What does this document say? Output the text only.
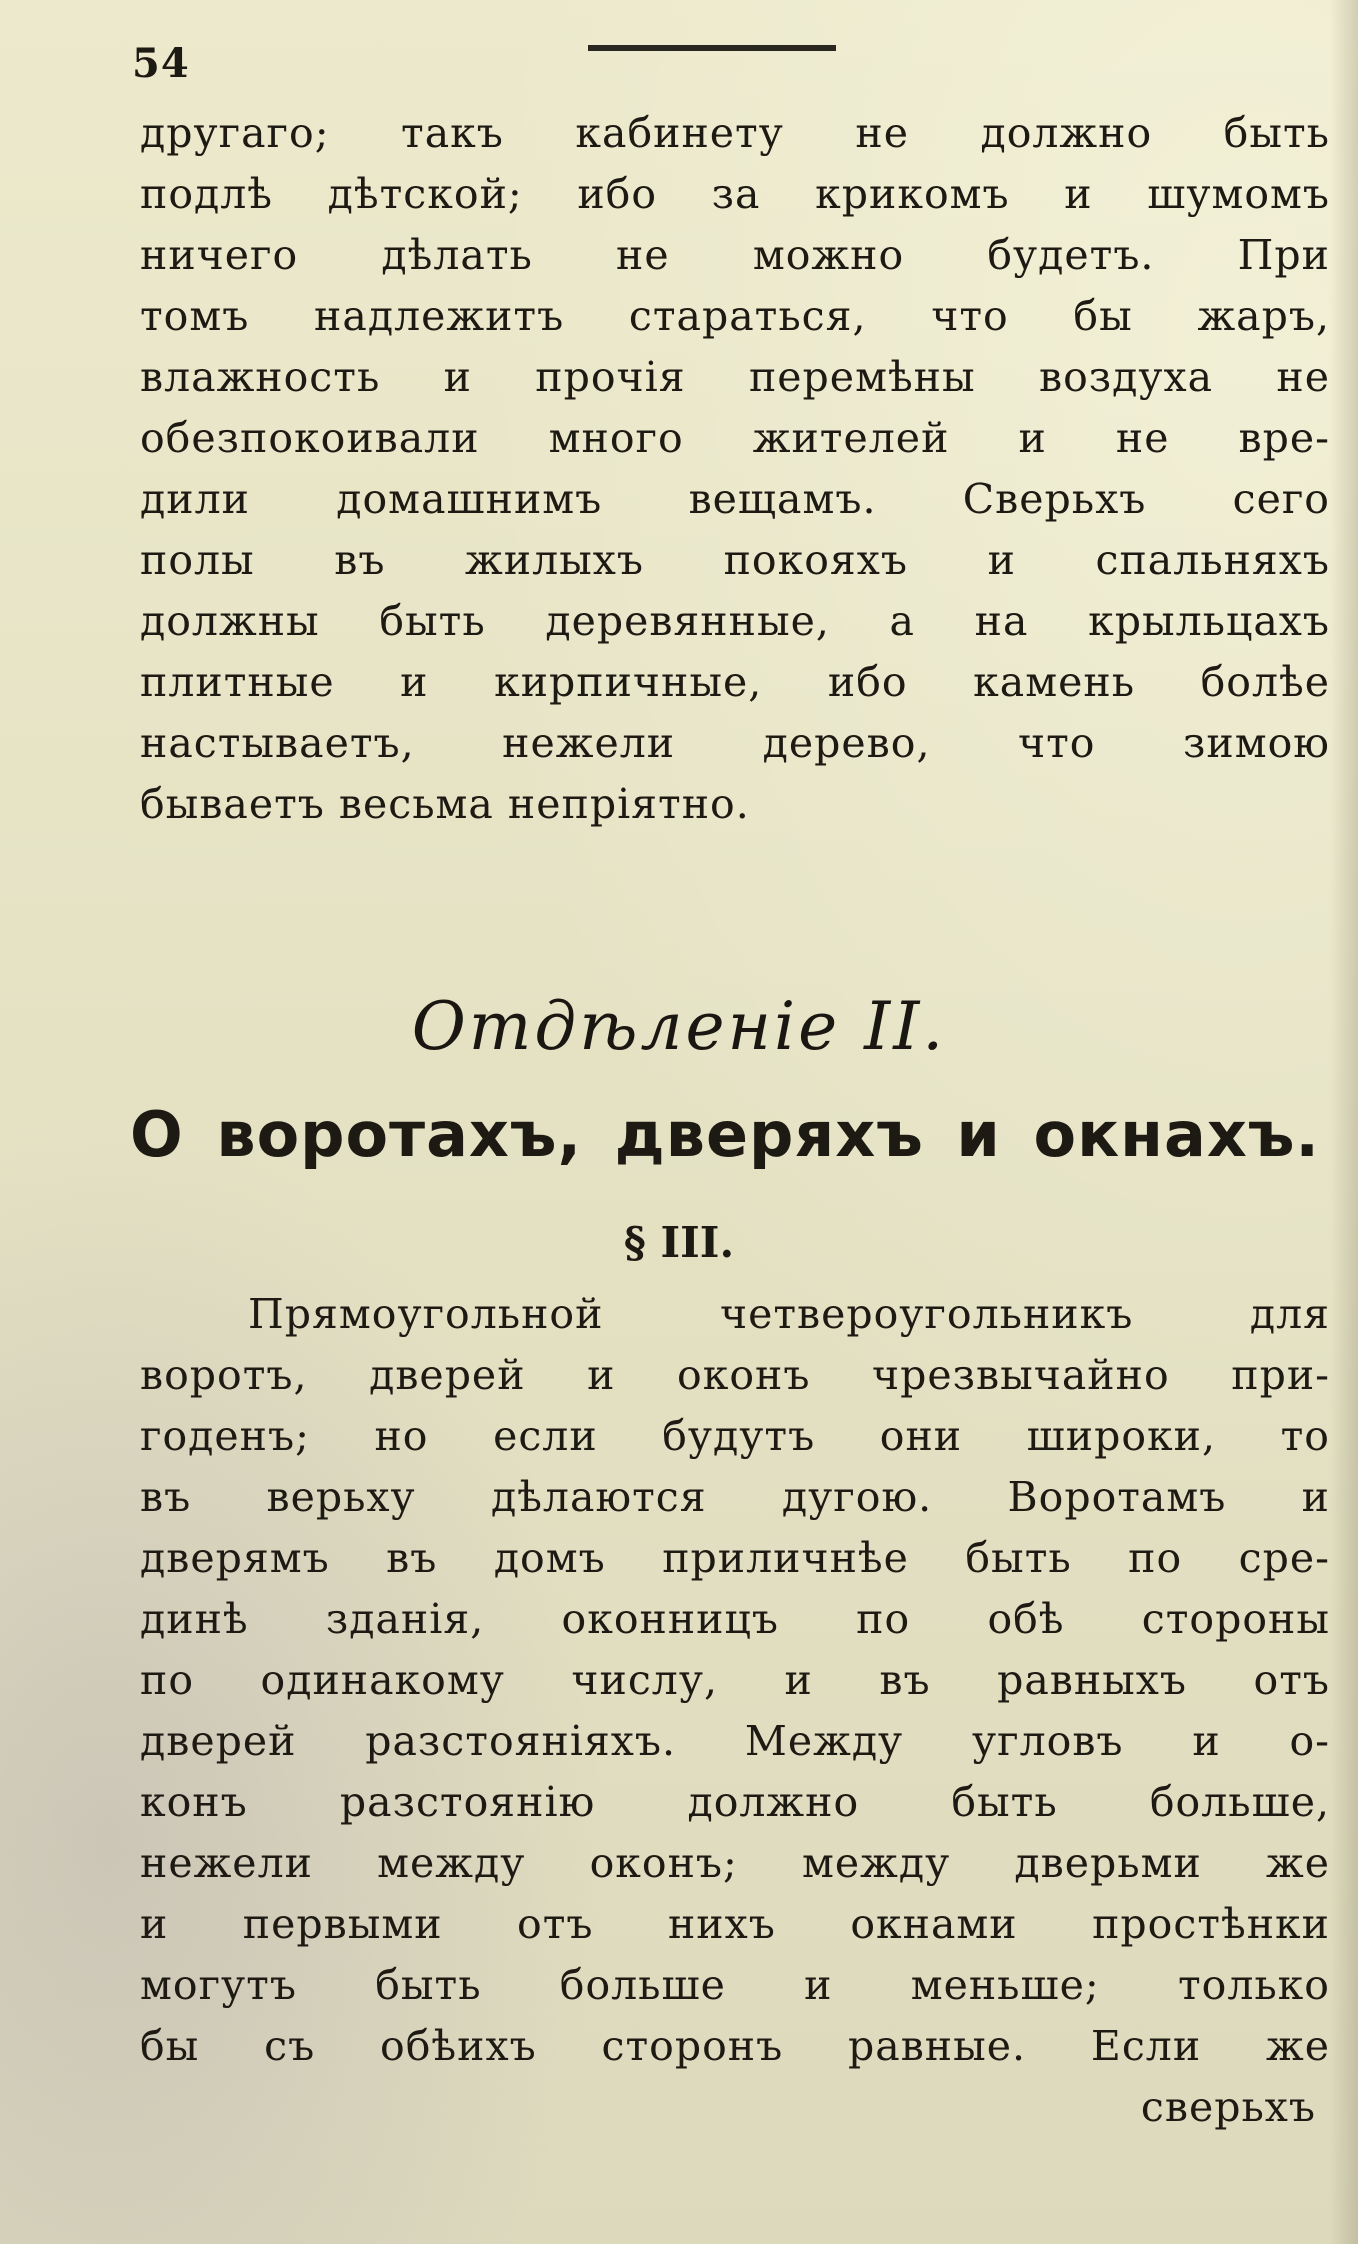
54
другаго; такъ кабинету не должно быть
подлѣ дѣтской; ибо за крикомъ и шумомъ
ничего дѣлать не можно будетъ. При
томъ надлежитъ стараться, что бы жаръ,
влажность и прочія перемѣны воздуха не
обезпокоивали много жителей и не вре-
дили домашнимъ вещамъ. Сверьхъ сего
полы въ жилыхъ покояхъ и спальняхъ
должны быть деревянные, а на крыльцахъ
плитные и кирпичные, ибо камень болѣе
настываетъ, нежели дерево, что зимою
бываетъ весьма непріятно.
Отдѣленіе II.
О воротахъ, дверяхъ и окнахъ.
§ III.
Прямоугольной четвероугольникъ для
воротъ, дверей и оконъ чрезвычайно при-
годенъ; но если будутъ они широки, то
въ верьху дѣлаются дугою. Воротамъ и
дверямъ въ домъ приличнѣе быть по сре-
динѣ зданія, оконницъ по обѣ стороны
по одинакому числу, и въ равныхъ отъ
дверей разстояніяхъ. Между угловъ и о-
конъ разстоянію должно быть больше,
нежели между оконъ; между дверьми же
и первыми отъ нихъ окнами простѣнки
могутъ быть больше и меньше; только
бы съ обѣихъ сторонъ равные. Если же
сверьхъ
